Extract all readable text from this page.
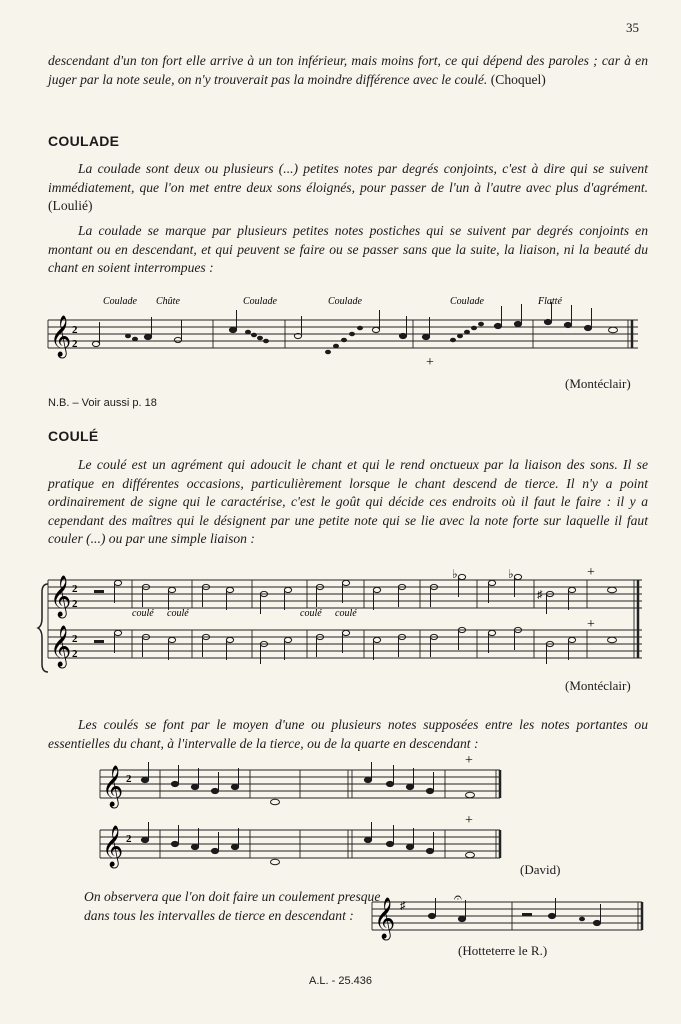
35
descendant d'un ton fort elle arrive à un ton inférieur, mais moins fort, ce qui dépend des paroles ; car à en juger par la note seule, on n'y trouverait pas la moindre différence avec le coulé. (Choquel)
COULADE
La coulade sont deux ou plusieurs (...) petites notes par degrés conjoints, c'est à dire qui se suivent immédiatement, que l'on met entre deux sons éloignés, pour passer de l'un à l'autre avec plus d'agrément. (Loulié)
La coulade se marque par plusieurs petites notes postiches qui se suivent par degrés conjoints en montant ou en descendant, et qui peuvent se faire ou se passer sans que la suite, la liaison, ni la beauté du chant en soient interrompues :
Coulade Chûte	Coulade	Coulade	Coulade	Flatté
𝄞 2
2
+
(Montéclair)
N.B. – Voir aussi p. 18
COULÉ
Le coulé est un agrément qui adoucit le chant et qui le rend onctueux par la liaison des sons. Il se pratique en différentes occasions, particulièrement lorsque le chant descend de tierce. Il n'y a point ordinairement de signe qui le caractérise, c'est le goût qui décide ces endroits où il faut le faire : il y a cependant des maîtres qui le désignent par une petite note qui se lie avec la note forte sur laquelle il faut couler (...) ou par une simple liaison :
coulé coulé	coulé coulé
𝄞
𝄞
2
2
2
2
♭	♭
♯
+
+
(Montéclair)
Les coulés se font par le moyen d'une ou plusieurs notes supposées entre les notes portantes ou essentielles du chant, à l'intervalle de la tierce, ou de la quarte en descendant :
𝄞
𝄞
2
2
+
+
(David)
On observera que l'on doit faire un coulement presque dans tous les intervalles de tierce en descendant : 𝄞 ♯	𝄐
(Hotteterre le R.)
A.L. - 25.436
